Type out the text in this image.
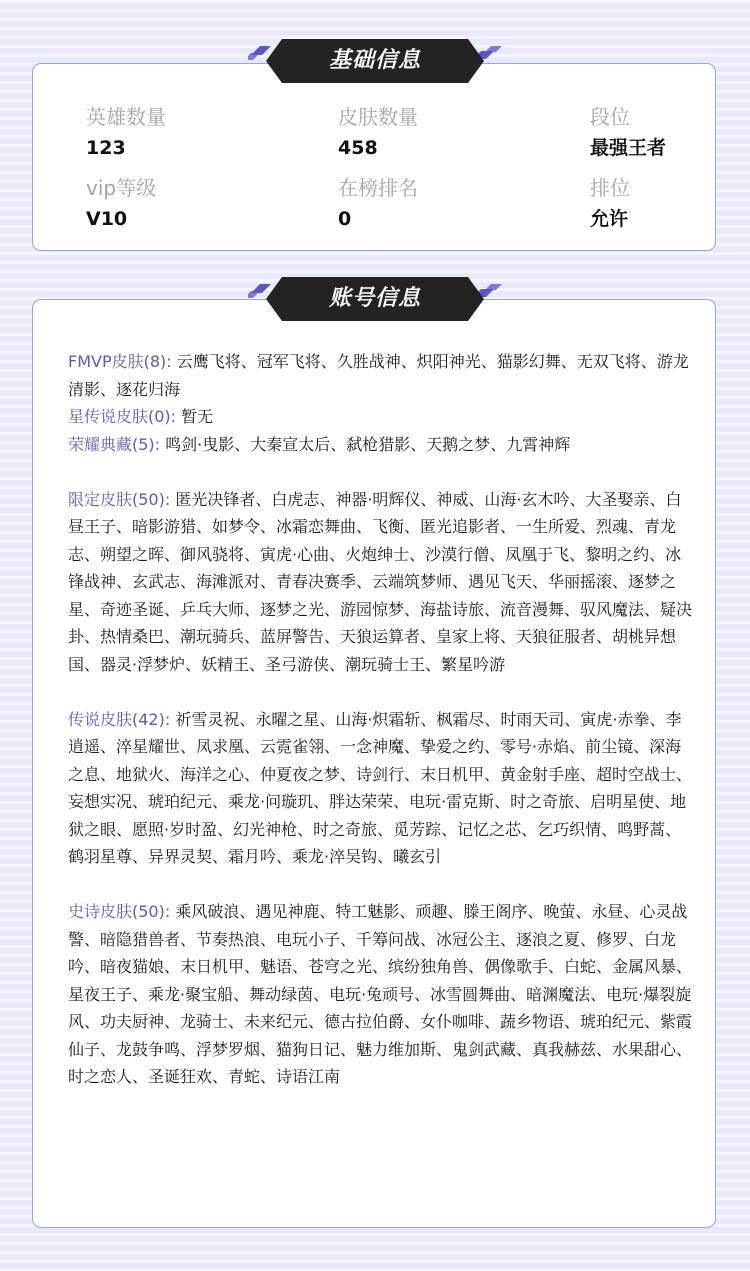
英雄数量
123
皮肤数量
458
段位
最强王者
vip等级
V10
在榜排名
0
排位
允许
基础信息

FMVP皮肤(8): 云鹰飞将、冠军飞将、久胜战神、炽阳神光、猫影幻舞、无双飞将、游龙清影、逐花归海

星传说皮肤(0): 暂无

荣耀典藏(5): 鸣剑·曳影、大秦宣太后、弑枪猎影、天鹅之梦、九霄神辉

限定皮肤(50): 匿光决锋者、白虎志、神器·明辉仪、神威、山海·玄木吟、大圣娶亲、白昼王子、暗影游猎、如梦令、冰霜恋舞曲、飞衡、匿光追影者、一生所爱、烈魂、青龙志、朔望之晖、御风骁将、寅虎·心曲、火炮绅士、沙漠行僧、凤凰于飞、黎明之约、冰锋战神、玄武志、海滩派对、青春决赛季、云端筑梦师、遇见飞天、华丽摇滚、逐梦之星、奇迹圣诞、乒乓大师、逐梦之光、游园惊梦、海盐诗旅、流音漫舞、驭风魔法、疑决卦、热情桑巴、潮玩骑兵、蓝屏警告、天狼运算者、皇家上将、天狼征服者、胡桃异想国、器灵·浮梦炉、妖精王、圣弓游侠、潮玩骑士王、繁星吟游

传说皮肤(42): 祈雪灵祝、永曜之星、山海·炽霜斩、枫霜尽、时雨天司、寅虎·赤拳、李逍遥、淬星耀世、凤求凰、云霓雀翎、一念神魔、挚爱之约、零号·赤焰、前尘镜、深海之息、地狱火、海洋之心、仲夏夜之梦、诗剑行、末日机甲、黄金射手座、超时空战士、妄想实况、琥珀纪元、乘龙·问璇玑、胖达荣荣、电玩·雷克斯、时之奇旅、启明星使、地狱之眼、愿照·岁时盈、幻光神枪、时之奇旅、觅芳踪、记忆之芯、乞巧织情、鸣野蒿、鹤羽星尊、异界灵契、霜月吟、乘龙·淬吴钩、曦玄引

史诗皮肤(50): 乘风破浪、遇见神鹿、特工魅影、顽趣、滕王阁序、晚萤、永昼、心灵战警、暗隐猎兽者、节奏热浪、电玩小子、千筹问战、冰冠公主、逐浪之夏、修罗、白龙吟、暗夜猫娘、末日机甲、魅语、苍穹之光、缤纷独角兽、偶像歌手、白蛇、金属风暴、星夜王子、乘龙·聚宝船、舞动绿茵、电玩·兔顽号、冰雪圆舞曲、暗渊魔法、电玩·爆裂旋风、功夫厨神、龙骑士、未来纪元、德古拉伯爵、女仆咖啡、蔬乡物语、琥珀纪元、紫霞仙子、龙鼓争鸣、浮梦罗烟、猫狗日记、魅力维加斯、鬼剑武藏、真我赫兹、水果甜心、时之恋人、圣诞狂欢、青蛇、诗语江南

账号信息
